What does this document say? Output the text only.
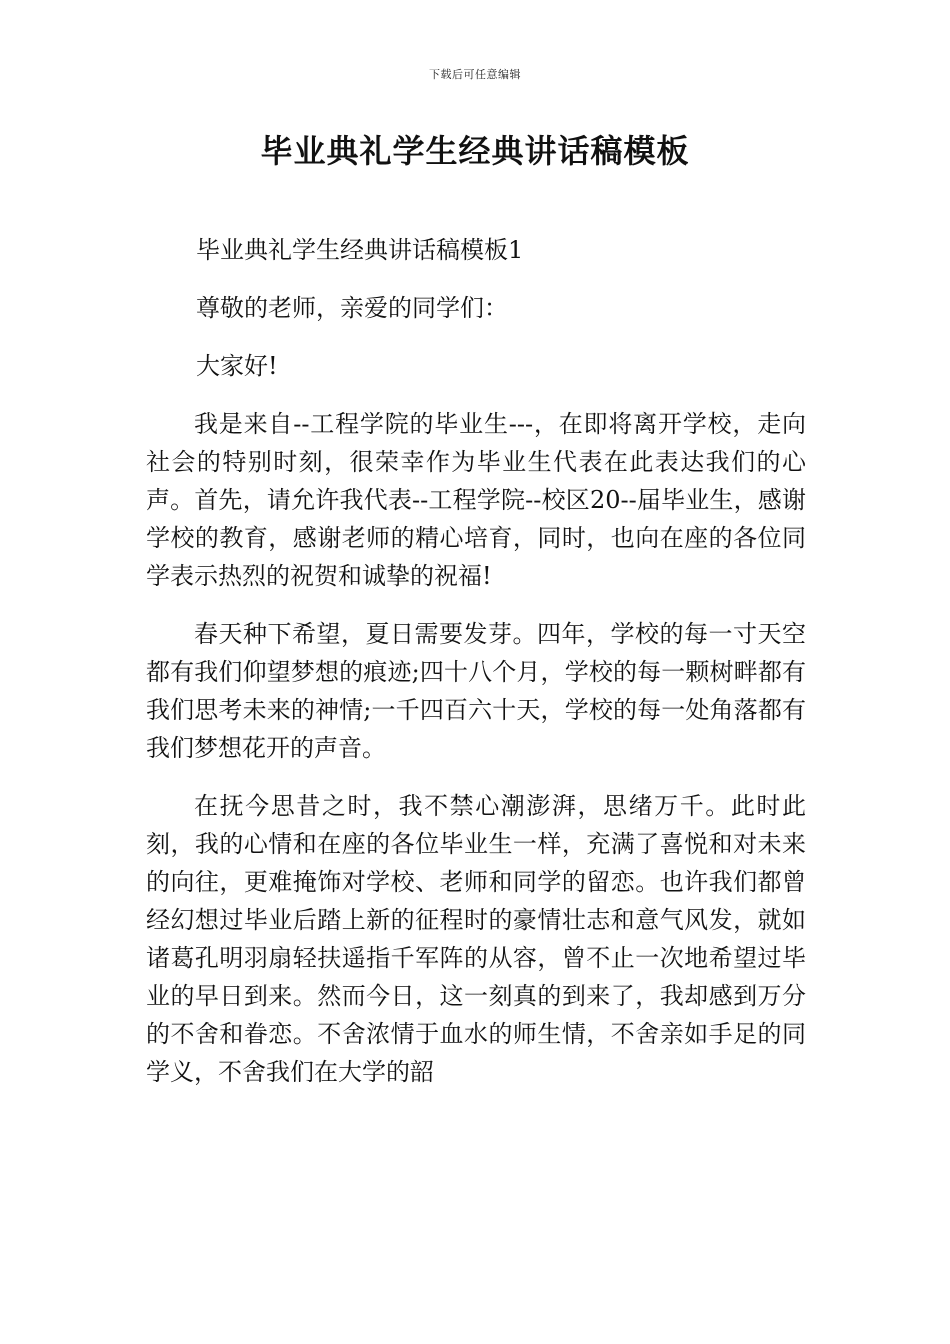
下载后可任意编辑
毕业典礼学生经典讲话稿模板

毕业典礼学生经典讲话稿模板1

尊敬的老师，亲爱的同学们：

大家好!

我是来自--工程学院的毕业生---，在即将离开学校，走向社会的特别时刻，很荣幸作为毕业生代表在此表达我们的心声。首先，请允许我代表--工程学院--校区20--届毕业生，感谢学校的教育，感谢老师的精心培育，同时，也向在座的各位同学表示热烈的祝贺和诚挚的祝福!

春天种下希望，夏日需要发芽。四年，学校的每一寸天空都有我们仰望梦想的痕迹;四十八个月，学校的每一颗树畔都有我们思考未来的神情;一千四百六十天，学校的每一处角落都有我们梦想花开的声音。

在抚今思昔之时，我不禁心潮澎湃，思绪万千。此时此刻，我的心情和在座的各位毕业生一样，充满了喜悦和对未来的向往，更难掩饰对学校、老师和同学的留恋。也许我们都曾经幻想过毕业后踏上新的征程时的豪情壮志和意气风发，就如诸葛孔明羽扇轻扶遥指千军阵的从容，曾不止一次地希望过毕业的早日到来。然而今日，这一刻真的到来了，我却感到万分的不舍和眷恋。不舍浓情于血水的师生情，不舍亲如手足的同学义，不舍我们在大学的韶
